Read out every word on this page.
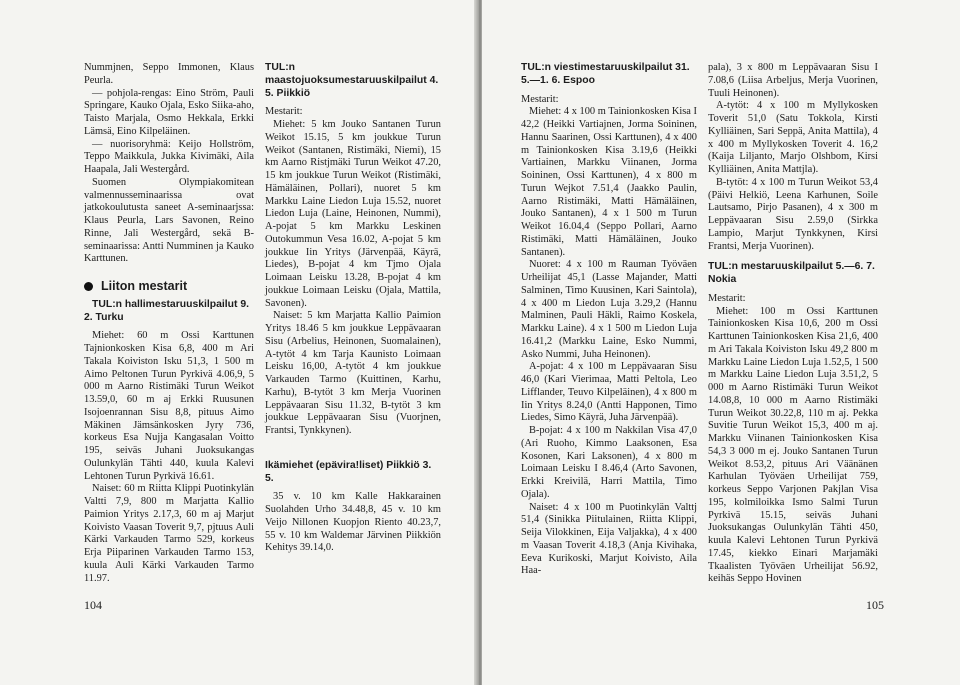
Nummjnen, Seppo Immonen, Klaus Peurla.

— pohjola-rengas: Eino Ström, Pauli Springare, Kauko Ojala, Esko Siika-aho, Taisto Marjala, Osmo Hekkala, Erkki Lämsä, Eino Kilpeläinen.

— nuorisoryhmä: Keijo Hollström, Teppo Maikkula, Jukka Kivimäki, Aila Haapala, Jali Westergård.

Suomen Olympiakomitean valmennusseminaarissa ovat jatkokoulutusta saneet A-seminaarjssa: Klaus Peurla, Lars Savonen, Reino Rinne, Jali Westergård, sekä B-seminaarissa: Antti Numminen ja Kauko Karttunen.

Liiton mestarit

TUL:n hallimestaruuskilpailut 9. 2. Turku

Miehet: 60 m Ossi Karttunen Tajnionkosken Kisa 6,8, 400 m Ari Takala Koiviston Isku 51,3, 1 500 m Aimo Peltonen Turun Pyrkivä 4.06,9, 5 000 m Aarno Ristimäki Turun Weikot 13.59,0, 60 m aj Erkki Ruusunen Isojoenrannan Sisu 8,8, pituus Aimo Mäkinen Jämsänkosken Jyry 736, korkeus Esa Nujja Kangasalan Voitto 195, seiväs Juhani Juoksukangas Oulunkylän Tähti 440, kuula Kalevi Lehtonen Turun Pyrkivä 16.61.

Naiset: 60 m Riitta Klippi Puotinkylän Valtti 7,9, 800 m Marjatta Kallio Paimion Yritys 2.17,3, 60 m aj Marjut Koivisto Vaasan Toverit 9,7, pjtuus Auli Kärki Varkauden Tarmo 529, korkeus Erja Piiparinen Varkauden Tarmo 153, kuula Auli Kärki Varkauden Tarmo 11.97.

TUL:n maastojuoksumestaruuskilpailut 4. 5. Piikkiö

Mestarit:

Miehet: 5 km Jouko Santanen Turun Weikot 15.15, 5 km joukkue Turun Weikot (Santanen, Ristimäki, Niemi), 15 km Aarno Ristjmäki Turun Weikot 47.20, 15 km joukkue Turun Weikot (Ristimäki, Hämäläinen, Pollari), nuoret 5 km Markku Laine Liedon Luja 15.52, nuoret Liedon Luja (Laine, Heinonen, Nummi), A-pojat 5 km Markku Leskinen Outokummun Vesa 16.02, A-pojat 5 km joukkue Iin Yritys (Järvenpää, Käyrä, Liedes), B-pojat 4 km Tjmo Ojala Loimaan Leisku 13.28, B-pojat 4 km joukkue Loimaan Leisku (Ojala, Mattila, Savonen).

Naiset: 5 km Marjatta Kallio Paimion Yritys 18.46 5 km joukkue Leppävaaran Sisu (Arbelius, Heinonen, Suomalainen), A-tytöt 4 km Tarja Kaunisto Loimaan Leisku 16,00, A-tytöt 4 km joukkue Varkauden Tarmo (Kuittinen, Karhu, Karhu), B-tytöt 3 km Merja Vuorinen Leppävaaran Sisu 11.32, B-tytöt 3 km joukkue Leppävaaran Sisu (Vuorjnen, Frantsi, Tynkkynen).

Ikämiehet (epävira!liset) Piikkiö 3. 5.

35 v. 10 km Kalle Hakkarainen Suolahden Urho 34.48,8, 45 v. 10 km Veijo Nillonen Kuopjon Riento 40.23,7, 55 v. 10 km Waldemar Järvinen Piikkiön Kehitys 39.14,0.

104

TUL:n viestimestaruuskilpailut 31. 5.—1. 6. Espoo

Mestarit:

Miehet: 4 x 100 m Tainionkosken Kisa I 42,2 (Heikki Vartiajnen, Jorma Soininen, Hannu Saarinen, Ossi Karttunen), 4 x 400 m Tainionkosken Kisa 3.19,6 (Heikki Vartiainen, Markku Viinanen, Jorma Soininen, Ossi Karttunen), 4 x 800 m Turun Wejkot 7.51,4 (Jaakko Paulin, Aarno Ristimäki, Matti Hämäläinen, Jouko Santanen), 4 x 1 500 m Turun Weikot 16.04,4 (Seppo Pollari, Aarno Ristimäki, Matti Hämäläinen, Jouko Santanen).

Nuoret: 4 x 100 m Rauman Työväen Urheilijat 45,1 (Lasse Majander, Matti Salminen, Timo Kuusinen, Kari Saintola), 4 x 400 m Liedon Luja 3.29,2 (Hannu Malminen, Pauli Häkli, Raimo Koskela, Markku Laine). 4 x 1 500 m Liedon Luja 16.41,2 (Markku Laine, Esko Nummi, Asko Nummi, Juha Heinonen).

A-pojat: 4 x 100 m Leppävaaran Sisu 46,0 (Kari Vierimaa, Matti Peltola, Leo Lifflander, Teuvo Kilpeläinen), 4 x 800 m Iin Yritys 8.24,0 (Antti Happonen, Timo Liedes, Simo Käyrä, Juha Järvenpää).

B-pojat: 4 x 100 m Nakkilan Visa 47,0 (Ari Ruoho, Kimmo Laaksonen, Esa Kosonen, Kari Laksonen), 4 x 800 m Loimaan Leisku I 8.46,4 (Arto Savonen, Erkki Kreivilä, Harri Mattila, Timo Ojala).

Naiset: 4 x 100 m Puotinkylän Valttj 51,4 (Sinikka Piitulainen, Riitta Klippi, Seija Vilokkinen, Eija Valjakka), 4 x 400 m Vaasan Toverit 4.18,3 (Anja Kivihaka, Eeva Kurikoski, Marjut Koivisto, Aila Haa-

pala), 3 x 800 m Leppävaaran Sisu I 7.08,6 (Liisa Arbeljus, Merja Vuorinen, Tuuli Heinonen).

A-tytöt: 4 x 100 m Myllykosken Toverit 51,0 (Satu Tokkola, Kirsti Kylliäinen, Sari Seppä, Anita Mattila), 4 x 400 m Myllykosken Toverit 4. 16,2 (Kaija Liljanto, Marjo Olshbom, Kirsi Kylliäinen, Anita Mattjla).

B-tytöt: 4 x 100 m Turun Weikot 53,4 (Päivi Helkiö, Leena Karhunen, Soile Lautsamo, Pirjo Pasanen), 4 x 300 m Leppävaaran Sisu 2.59,0 (Sirkka Lampio, Marjut Tynkkynen, Kirsi Frantsi, Merja Vuorinen).

TUL:n mestaruuskilpailut 5.—6. 7. Nokia

Mestarit:

Miehet: 100 m Ossi Karttunen Tainionkosken Kisa 10,6, 200 m Ossi Karttunen Tainionkosken Kisa 21,6, 400 m Ari Takala Koiviston Isku 49,2 800 m Markku Laine Liedon Luja 1.52,5, 1 500 m Markku Laine Liedon Luja 3.51,2, 5 000 m Aarno Ristimäki Turun Weikot 14.08,8, 10 000 m Aarno Ristimäki Turun Weikot 30.22,8, 110 m aj. Pekka Suvitie Turun Weikot 15,3, 400 m aj. Markku Viinanen Tainionkosken Kisa 54,3 3 000 m ej. Jouko Santanen Turun Weikot 8.53,2, pituus Ari Väänänen Karhulan Työväen Urheilijat 759, korkeus Seppo Varjonen Pakjlan Visa 195, kolmiloikka Ismo Salmi Turun Pyrkivä 15.15, seiväs Juhani Juoksukangas Oulunkylän Tähti 450, kuula Kalevi Lehtonen Turun Pyrkivä 17.45, kiekko Einari Marjamäki Tkaalisten Työväen Urheilijat 56.92, keihäs Seppo Hovinen

105
